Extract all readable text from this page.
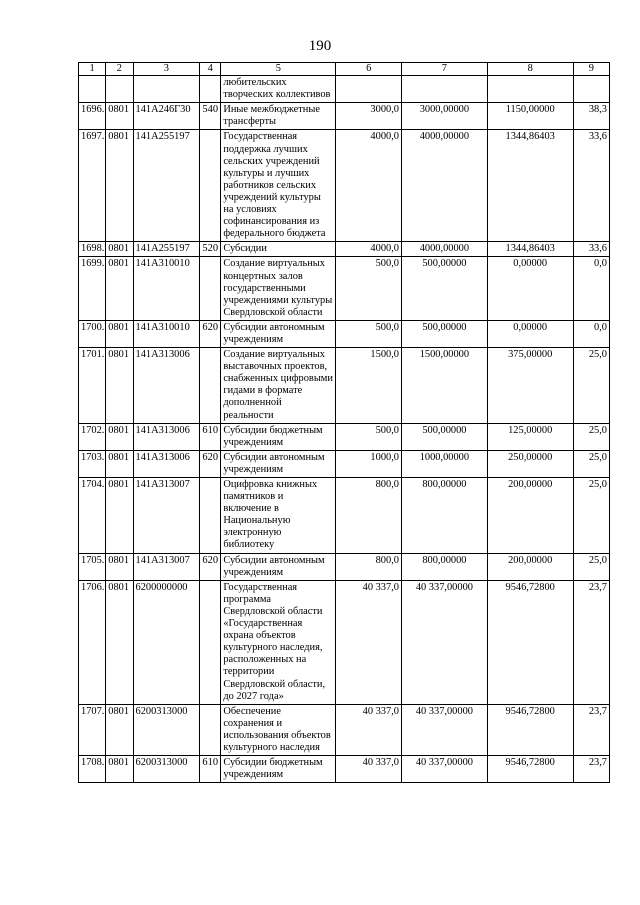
190
1	2	3	4	5	6	7	8	9
				любительских творческих коллективов				
1696.	0801	141A246Г30	540	Иные межбюджетные трансферты	3000,0	3000,00000	1150,00000	38,3
1697.	0801	141A255197		Государственная поддержка лучших сельских учреждений культуры и лучших работников сельских учреждений культуры на условиях софинансирования из федерального бюджета	4000,0	4000,00000	1344,86403	33,6
1698.	0801	141A255197	520	Субсидии	4000,0	4000,00000	1344,86403	33,6
1699.	0801	141A310010		Создание виртуальных концертных залов государственными учреждениями культуры Свердловской области	500,0	500,00000	0,00000	0,0
1700.	0801	141A310010	620	Субсидии автономным учреждениям	500,0	500,00000	0,00000	0,0
1701.	0801	141A313006		Создание виртуальных выставочных проектов, снабженных цифровыми гидами в формате дополненной реальности	1500,0	1500,00000	375,00000	25,0
1702.	0801	141A313006	610	Субсидии бюджетным учреждениям	500,0	500,00000	125,00000	25,0
1703.	0801	141A313006	620	Субсидии автономным учреждениям	1000,0	1000,00000	250,00000	25,0
1704.	0801	141A313007		Оцифровка книжных памятников и включение в Национальную электронную библиотеку	800,0	800,00000	200,00000	25,0
1705.	0801	141A313007	620	Субсидии автономным учреждениям	800,0	800,00000	200,00000	25,0
1706.	0801	6200000000		Государственная программа Свердловской области «Государственная охрана объектов культурного наследия, расположенных на территории Свердловской области, до 2027 года»	40 337,0	40 337,00000	9546,72800	23,7
1707.	0801	6200313000		Обеспечение сохранения и использования объектов культурного наследия	40 337,0	40 337,00000	9546,72800	23,7
1708.	0801	6200313000	610	Субсидии бюджетным учреждениям	40 337,0	40 337,00000	9546,72800	23,7
